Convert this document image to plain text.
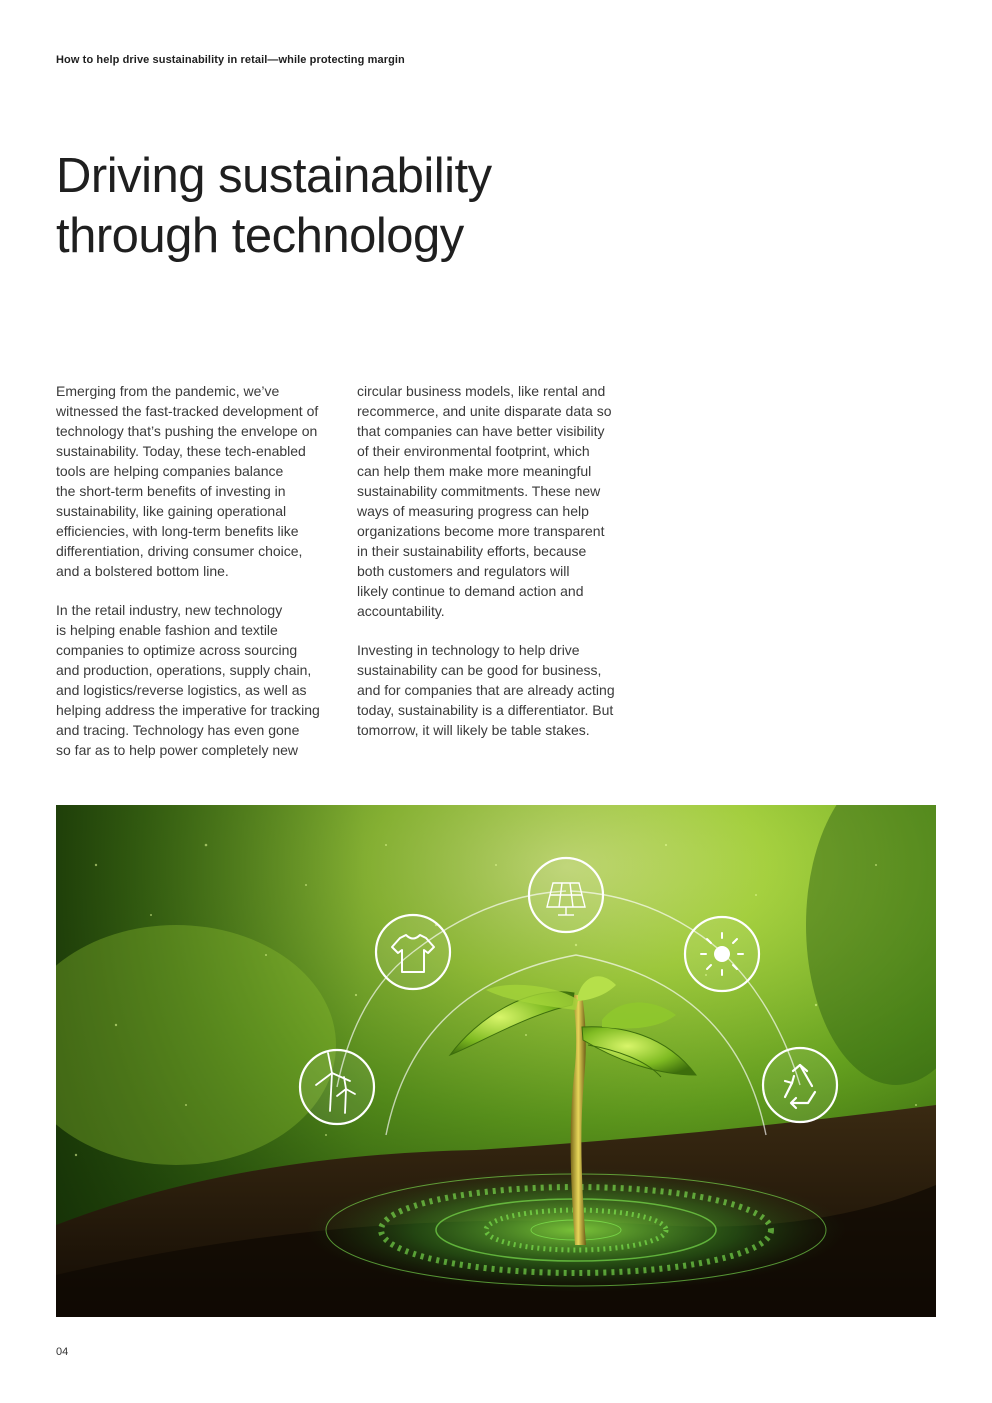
How to help drive sustainability in retail—while protecting margin
Driving sustainability
through technology

Emerging from the pandemic, we’ve
witnessed the fast-tracked development of
technology that’s pushing the envelope on
sustainability. Today, these tech-enabled
tools are helping companies balance
the short-term benefits of investing in
sustainability, like gaining operational
efficiencies, with long-term benefits like
differentiation, driving consumer choice,
and a bolstered bottom line.

In the retail industry, new technology
is helping enable fashion and textile
companies to optimize across sourcing
and production, operations, supply chain,
and logistics/reverse logistics, as well as
helping address the imperative for tracking
and tracing. Technology has even gone
so far as to help power completely new

circular business models, like rental and
recommerce, and unite disparate data so
that companies can have better visibility
of their environmental footprint, which
can help them make more meaningful
sustainability commitments. These new
ways of measuring progress can help
organizations become more transparent
in their sustainability efforts, because
both customers and regulators will
likely continue to demand action and
accountability.

Investing in technology to help drive
sustainability can be good for business,
and for companies that are already acting
today, sustainability is a differentiator. But
tomorrow, it will likely be table stakes.

04
